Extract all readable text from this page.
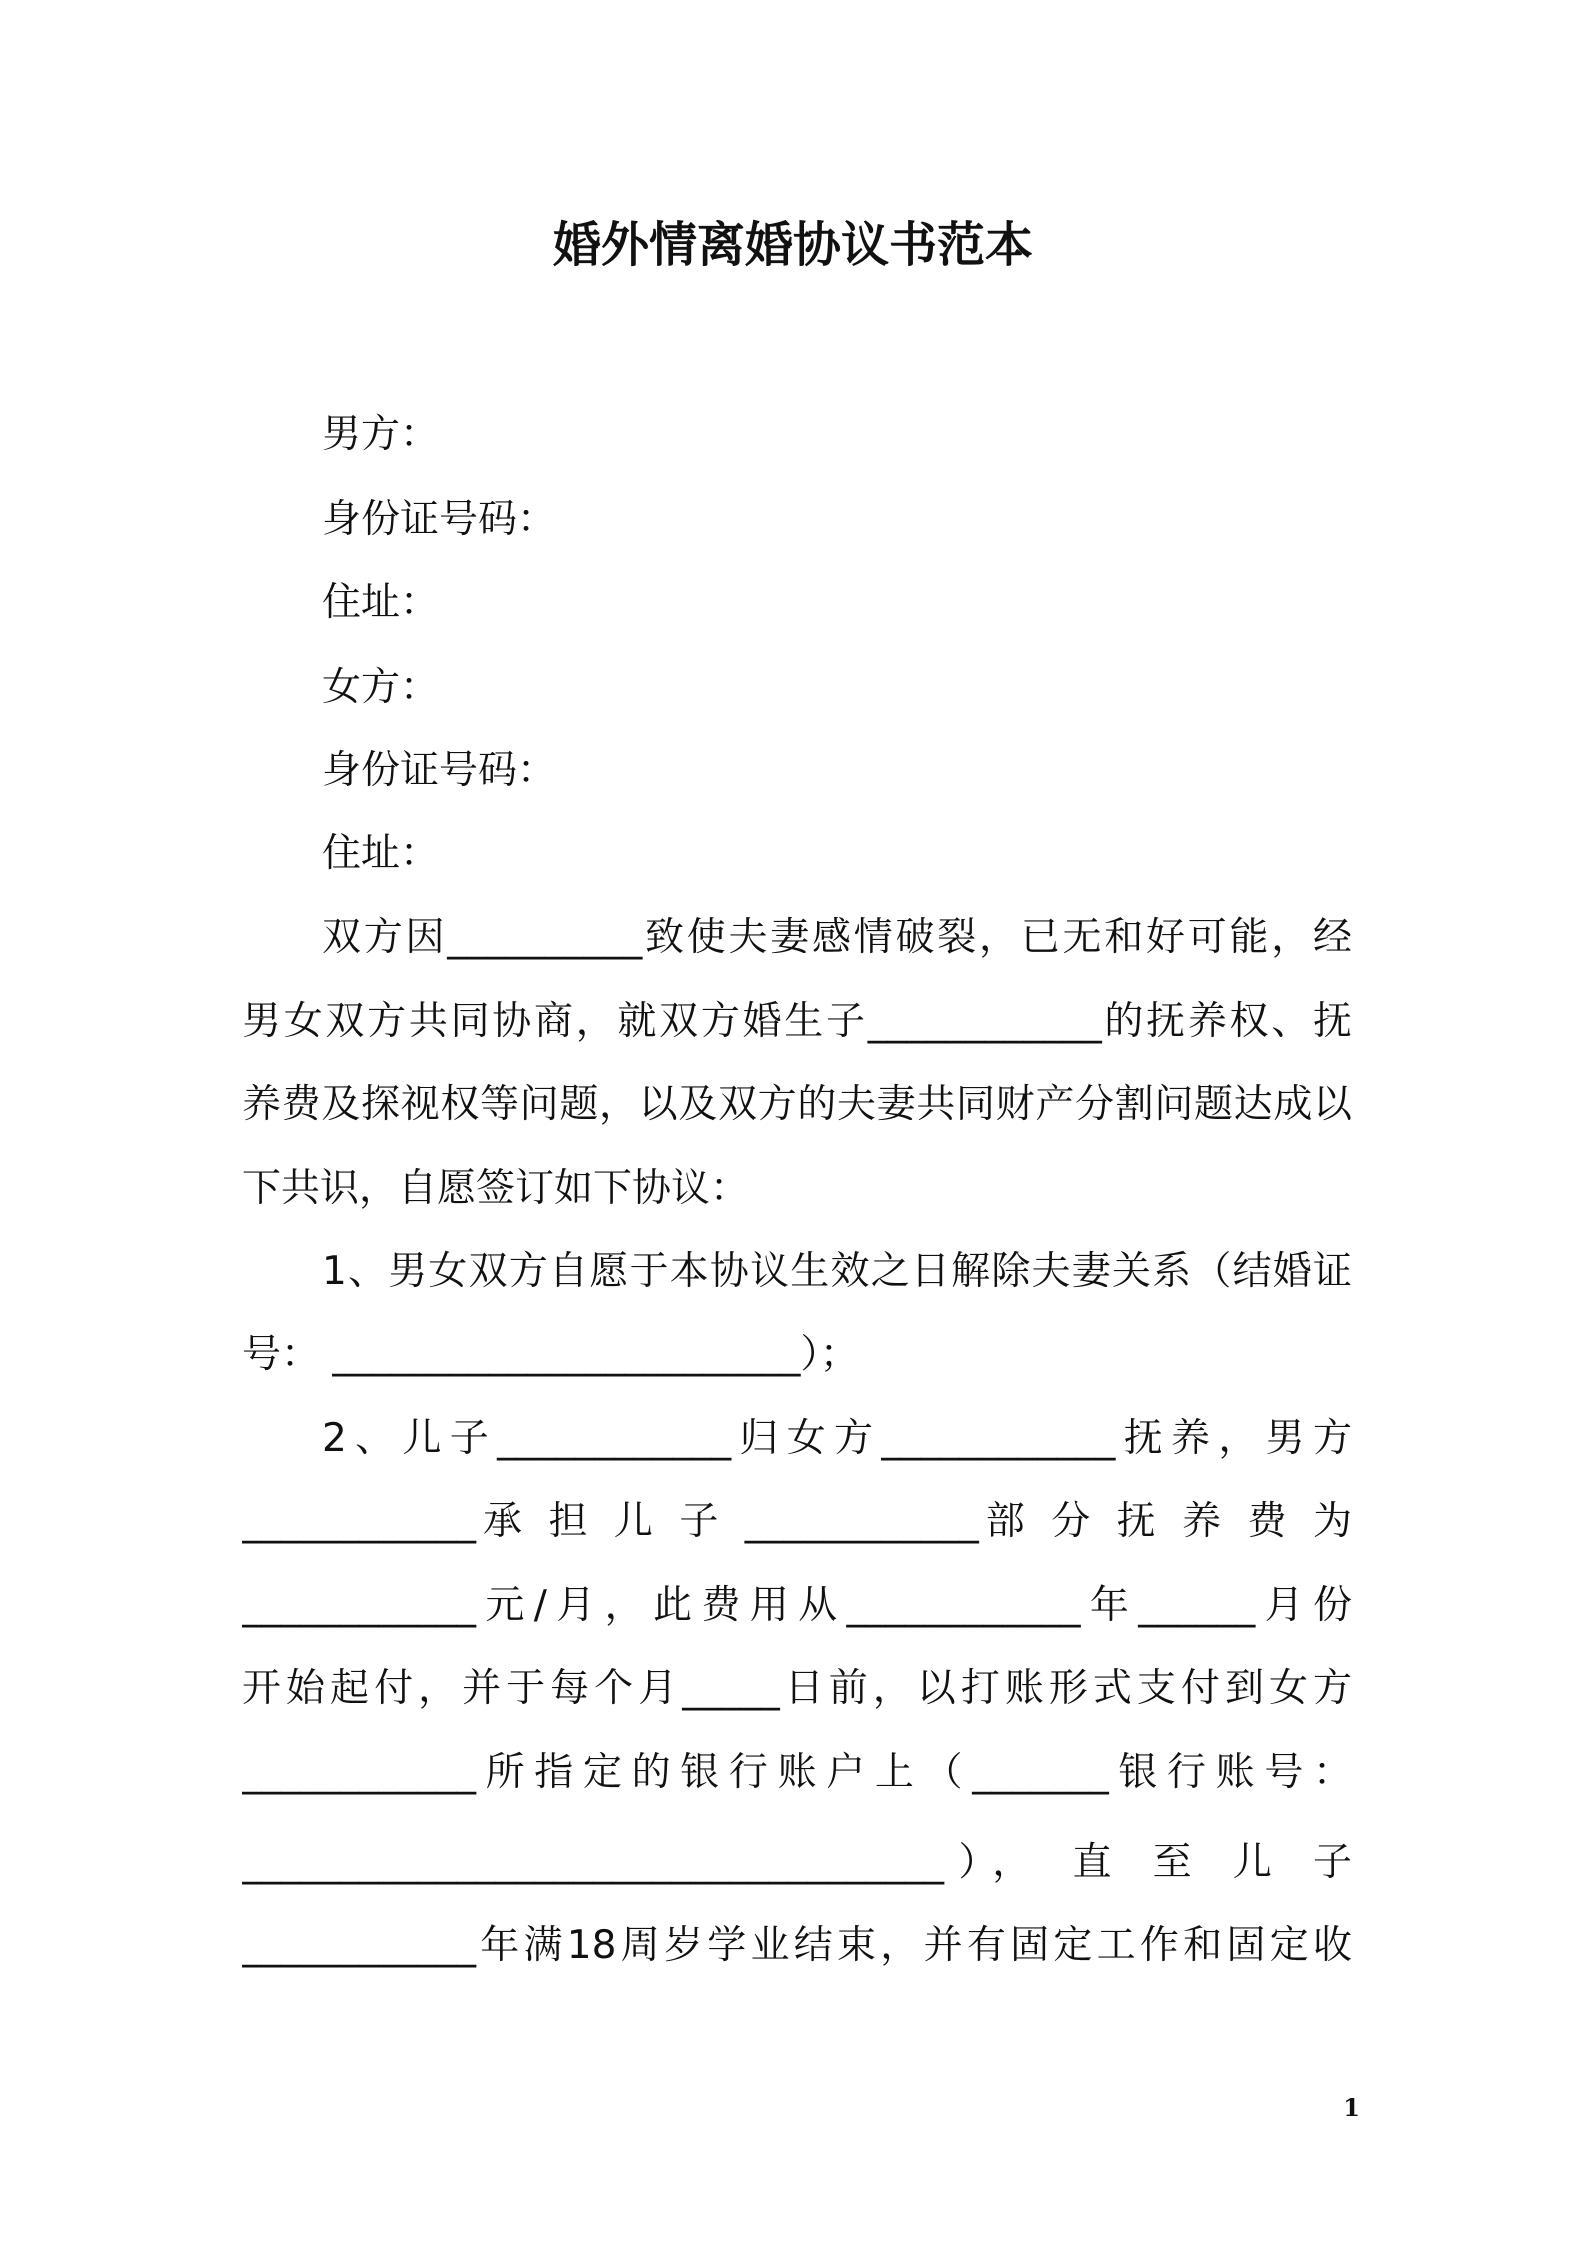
婚外情离婚协议书范本
男方：
身份证号码：
住址：
女方：
身份证号码：
住址：
双方因__________致使夫妻感情破裂，已无和好可能，经
男女双方共同协商，就双方婚生子____________的抚养权、抚
养费及探视权等问题，以及双方的夫妻共同财产分割问题达成以
下共识，自愿签订如下协议：
1、男女双方自愿于本协议生效之日解除夫妻关系（结婚证
号： ________________________）；
2、儿子____________归女方____________抚养，男方
____________承 担 儿 子 ____________部 分 抚 养 费 为
____________元/月，此费用从____________年______月份
开始起付，并于每个月_____日前，以打账形式支付到女方
____________所指定的银行账户上（_______银行账号：
____________________________________）， 直 至 儿 子
____________年满18周岁学业结束，并有固定工作和固定收
1
